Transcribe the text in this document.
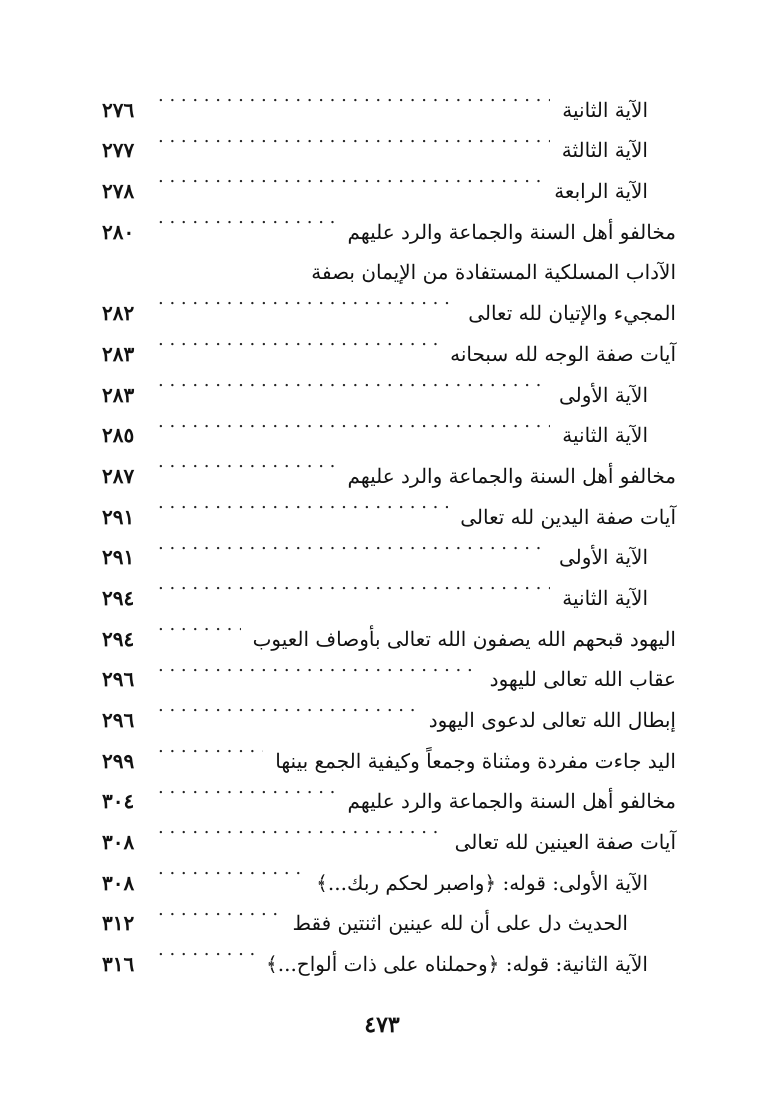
الآية الثانية
. . .
٢٧٦
الآية الثالثة
. . .
٢٧٧
الآية الرابعة
. . .
٢٧٨
مخالفو أهل السنة والجماعة والرد عليهم
. . .
٢٨٠
الآداب المسلكية المستفادة من الإيمان بصفة
المجيء والإتيان لله تعالى
. . .
٢٨٢
آيات صفة الوجه لله سبحانه
. . .
٢٨٣
الآية الأولى
. . .
٢٨٣
الآية الثانية
. . .
٢٨٥
مخالفو أهل السنة والجماعة والرد عليهم
. . .
٢٨٧
آيات صفة اليدين لله تعالى
. . .
٢٩١
الآية الأولى
. . .
٢٩١
الآية الثانية
. . .
٢٩٤
اليهود قبحهم الله يصفون الله تعالى بأوصاف العيوب
. . .
٢٩٤
عقاب الله تعالى لليهود
. . .
٢٩٦
إبطال الله تعالى لدعوى اليهود
. . .
٢٩٦
اليد جاءت مفردة ومثناة وجمعاً وكيفية الجمع بينها
. . .
٢٩٩
مخالفو أهل السنة والجماعة والرد عليهم
. . .
٣٠٤
آيات صفة العينين لله تعالى
. . .
٣٠٨
الآية الأولى: قوله: ﴿واصبر لحكم ربك...﴾
. . .
٣٠٨
الحديث دل على أن لله عينين اثنتين فقط
. . .
٣١٢
الآية الثانية: قوله: ﴿وحملناه على ذات ألواح...﴾
. . .
٣١٦
٤٧٣
